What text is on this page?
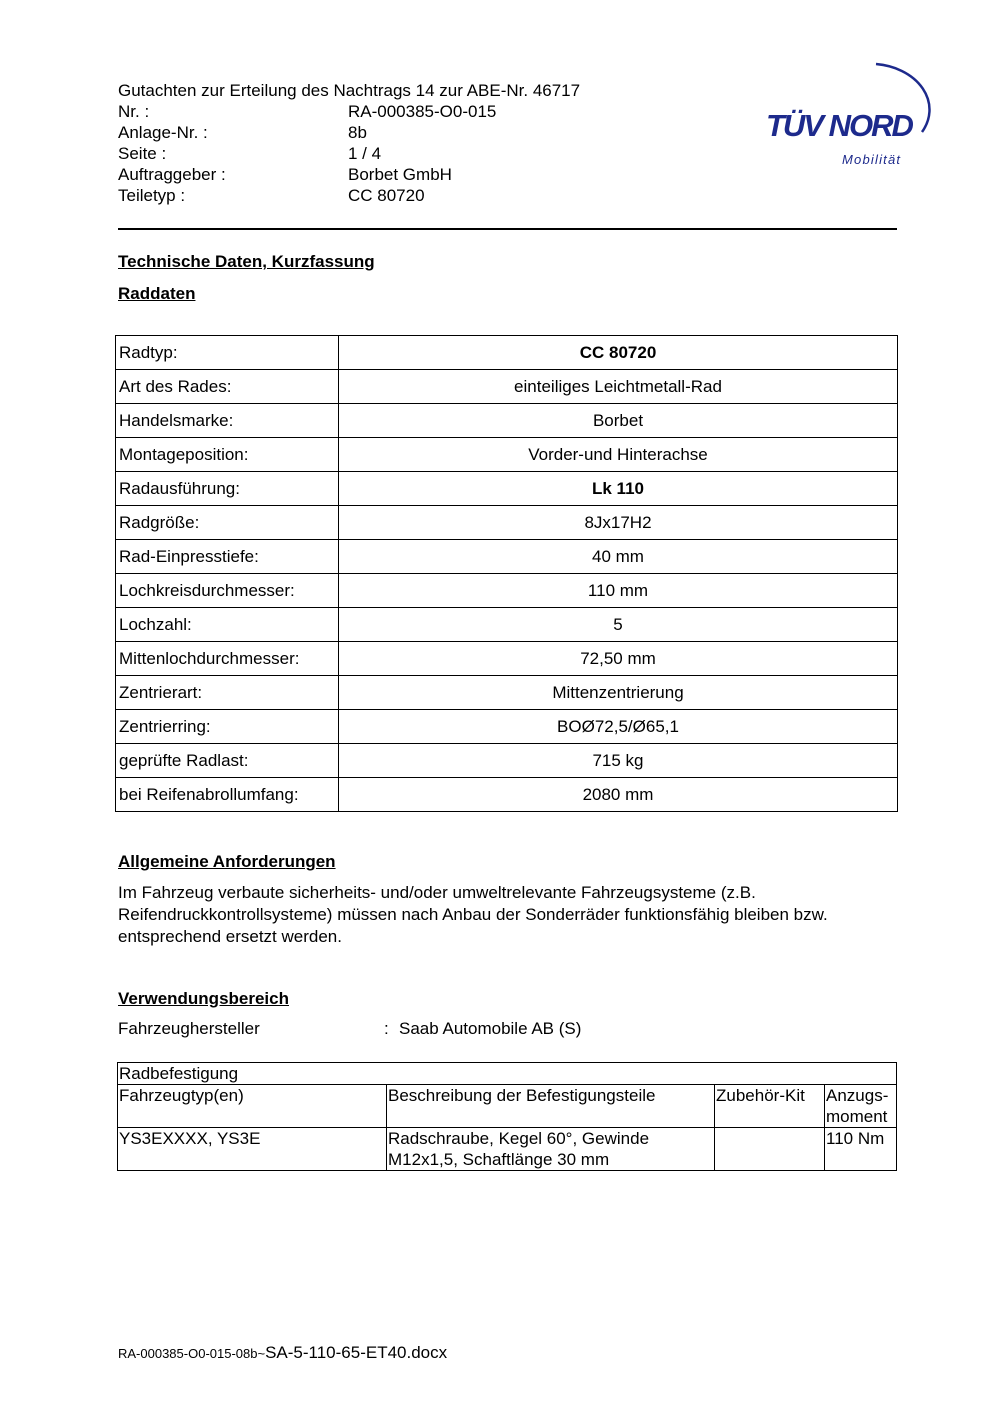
Gutachten zur Erteilung des Nachtrags 14 zur ABE-Nr. 46717
Nr. :	RA-000385-O0-015
Anlage-Nr. :	8b
Seite :	1 / 4
Auftraggeber :	Borbet GmbH
Teiletyp :	CC 80720
TÜV NORD
Mobilität
Technische Daten, Kurzfassung
Raddaten
Radtyp:	CC 80720
Art des Rades:	einteiliges Leichtmetall-Rad
Handelsmarke:	Borbet
Montageposition:	Vorder-und Hinterachse
Radausführung:	Lk 110
Radgröße:	8Jx17H2
Rad-Einpresstiefe:	40 mm
Lochkreisdurchmesser:	110 mm
Lochzahl:	5
Mittenlochdurchmesser:	72,50 mm
Zentrierart:	Mittenzentrierung
Zentrierring:	BOØ72,5/Ø65,1
geprüfte Radlast:	715 kg
bei Reifenabrollumfang:	2080 mm
Allgemeine Anforderungen
Im Fahrzeug verbaute sicherheits- und/oder umweltrelevante Fahrzeugsysteme (z.B. Reifendruckkontrollsysteme) müssen nach Anbau der Sonderräder funktionsfähig bleiben bzw. entsprechend ersetzt werden.
Verwendungsbereich
Fahrzeughersteller	: Saab Automobile AB (S)
Radbefestigung			
Fahrzeugtyp(en)	Beschreibung der Befestigungsteile	Zubehör-Kit	Anzugs-moment
YS3EXXXX, YS3E	Radschraube, Kegel 60°, Gewinde M12x1,5, Schaftlänge 30 mm		110 Nm
RA-000385-O0-015-08b~SA-5-110-65-ET40.docx
